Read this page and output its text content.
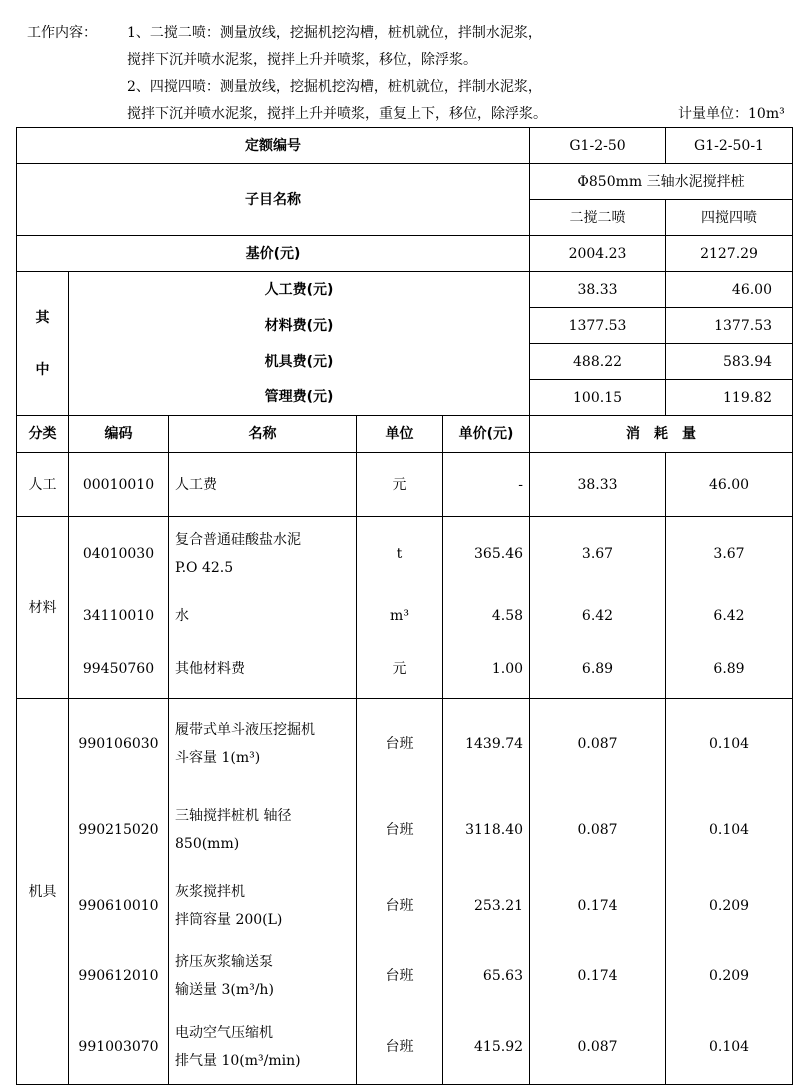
工作内容： 1、二搅二喷：测量放线，挖掘机挖沟槽，桩机就位，拌制水泥浆，
搅拌下沉并喷水泥浆，搅拌上升并喷浆，移位，除浮浆。
2、四搅四喷：测量放线，挖掘机挖沟槽，桩机就位，拌制水泥浆，
搅拌下沉并喷水泥浆，搅拌上升并喷浆，重复上下，移位，除浮浆。	计量单位：10m³
定额编号					G1-2-50	G1-2-50-1
子目名称					Φ850mm 三轴水泥搅拌桩	
					二搅二喷	四搅四喷
基价(元)					2004.23	2127.29

其
中	人工费(元)				38.33	46.00
	材料费(元)				1377.53	1377.53
	机具费(元)				488.22	583.94
	管理费(元)				100.15	119.82
分类	编码	名称	单位	单价(元)	消　耗　量	
人工	00010010	人工费	元	-	38.33	46.00
材料	04010030	复合普通硅酸盐水泥
P.O 42.5	t	365.46	3.67	3.67
	34110010	水	m³	4.58	6.42	6.42
	99450760	其他材料费	元	1.00	6.89	6.89
机具	990106030	履带式单斗液压挖掘机
斗容量 1(m³)	台班	1439.74	0.087	0.104
	990215020	三轴搅拌桩机 轴径
850(mm)	台班	3118.40	0.087	0.104
	990610010	灰浆搅拌机
拌筒容量 200(L)	台班	253.21	0.174	0.209
	990612010	挤压灰浆输送泵
输送量 3(m³/h)	台班	65.63	0.174	0.209
	991003070	电动空气压缩机
排气量 10(m³/min)	台班	415.92	0.087	0.104
